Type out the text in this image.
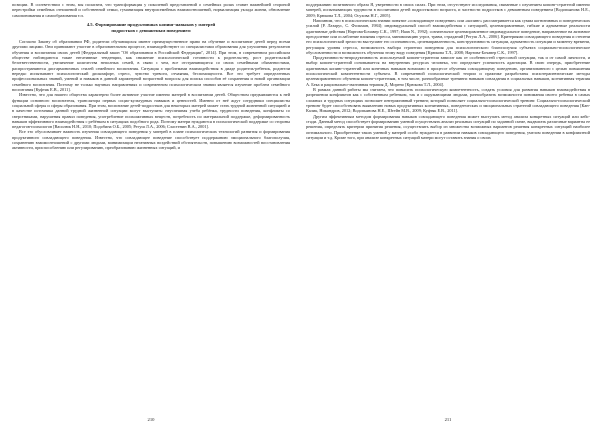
позиции. В соответствии с этим, мы полагаем, что трансформация у поколений представлений о семейных ролях ставит важнейшей стороной перестройки семейных отношений и собственной семьи, гуманизация внутрисемейных взаимоотношений, нормализация уклада жизни, обновление самопонимания и самообразования т.п.

4.5. Формирование продуктивных копинг-навыков у матерей
подростков с девиантным поведением

Согласно Закону об образовании РФ, родители обучающихся имеют преимущественное право на обучение и воспитание детей перед всеми другими лицами. Они принимают участие в образовательном процессе, взаимодействуют со специалистами образования для улучшения результатов обучения и воспитания своих детей [Федеральный закон "Об образовании в Российской Федерации", 2014]. При этом, в современном российском обществе наблюдаются такие негативные тенденции, как снижение психологической готовности к родительству, рост родительской безответственности, увеличение количества неполных семей, в связи с чем, все отстраняющиеся со своих семейными обязанностями, распространяются дисгармоничных стилей семейного воспитания. Ситуация с проблемами взаимодействия в диаде родитель-ребенок, родители нередко испытывают психологический дискомфорт, стресс, чувство тревоги, отчаяния, беспомощности. Все это требует определенных профессиональных знаний, умений и навыков в данной характерной возрастной вопросы для поиска способов её сохранения и новой организации семейного воспитания. Поэтому не только научных направлениях и современном психологическом знании является изучение проблем семейного воспитания [Куфтяк Е.В., 2011].

Известно, что для нашего общества характерно более активное участие именно матерей в воспитании детей. Обществом предъявляются к ней функции основного воспитателя, транслятора первых социо-культурных навыков и ценностей. Именно от неё ждут сотрудники специалисты социальной сферы и сферы образования. При этом, воспитание детей-подростков для некоторых матерей может стать трудной жизненной ситуацией и в качестве источника данной трудной жизненной ситуации могут выступить: неуспешная учеба ребёнка, трудности поведения, конфликты со сверстниками, нарушения правил поведения, употребление психоактивных веществ, потребность по материальной поддержке, деформированность навыков эффективного взаимодействия с ребёнком в ситуациях подобного рода. Поэтому матери нуждаются в психологической поддержке со стороны педагогов-психологов [Василюк Н.Н., 2010; Подобина О.Б., 2005; Регуш Л.А., 2006; Сластенин В.А., 2001].

Все это обусловливает важность изучения совладающего поведения у матерей в плане психологических технологий развития и формирования продуктивного совладающего поведения. Известно, что совладающее поведение способствует поддержанию эмоционального благополучия, сохранению взаимоотношений с другими людьми, минимизации негативных воздействий обстоятельств, повышению возможностей восстановления активности, приспособлению или регулированию, преобразованию жизненных ситуаций, и

210

поддержанию позитивного образа Я, уверенности в своих силах. При этом, отсутствуют исследования, связанные с изучением копинг-стратегий именно матерей, испытывающих трудности в воспитании детей подросткового возраста, и частности подростков с девиантным поведением [Водопьянова Н.Е., 2009; Крюкова Т.Л., 2004; Осухова Н.Г., 2005].

Напомним, что в психологическом знании понятие «совладающее поведение» или «копинг» рассматривается как сумма когнитивных и поведенческих усилий [Р. Лазарус, С. Фолкман, 1984]; индивидуальный способ взаимодействия с ситуацией, целенаправленные, гибкие и адекватные реальности адаптивные действия [Нартова-Бочавер С.К., 1997; Haan N., 1992]; сознательное целенаправленное индивидуальное поведение, направленное на активное преодоление или ослабление влияния стресса, минимизацию угроз, травм, страданий [Регуш Л.А., 2006]. Критериями совладающего поведения и степени его психологической зрелости выступают его осознанность, целенаправленность, конструктивность ситуации, адекватность ситуации и моменту времени, регуляция уровня стресса, возможность выбора стратегии поведения для психологического благополучия субъекта социально-психологическое обусловленности и возможность обучения этому виду поведения [Крюкова Т.Л., 2008; Нартова-Бочавер С.К., 1997].

Продуктивность-непродуктивность используемой копинг-стратегии зависит как от особенностей стрессовой ситуации, так и от самой личности, и выбор копинг-стратегий основывается на внутренних ресурсах человека, что определяет успешность адаптации. В свою очередь, приобретение адаптивных копинг-стратегий или конечных навыков возможно в процессе обучения совладающему поведению, организованного с целью повышения психологической компетентности субъекта. В современной психологической теории и практике разработаны психотерапевтические методы целенаправленного обучения копинг-стратегиям, в том числе, разнообразные тренинги навыков совладания в социальных навыков, когнитивная терапия А. Бека и рационально-эмотивная терапия Д. Морено [Крюкова Т.Л., 2004].

В рамках данной работы мы считаем, что повысить психологическую компетентность, создать условия для развития навыков взаимодействия в разрешении конфликтов как с собственным ребенком, так и с окружающими людьми, разнообразить возможности понимания своего ребенка в самых сложных и трудных ситуациях позволяет интерактивный тренинг, который позволяет социально-психологической тренинг. Социально-психологический тренинг будет способствовать выявлению новых продуктивных когнитивных, поведенческих и эмоциональных стратегий совладающего поведения [Кан-Калик, Никандров, 2012; Водопьянова Н.Е., Штейн М.В., 2009; Куфтяк Е.В., 2011].

Другим эффективным методом формирования навыков совладающего поведения может выступать метод анализа конкретных ситуаций или кейс-стади. Данный метод способствует формированию умений осуществлять анализ реальных ситуаций по заданной схеме, выдвигать различные варианты ее решения, определять критерии принятия решения, осуществлять выбор из множества возможных вариантов решения конкретных ситуаций наиболее оптимального. Приобретение таких умений у матерей особо нуждается в развитии навыков совладающего поведения, умелом поведении в конфликтной ситуации и т.д. Кроме того, при анализе конкретных ситуаций матери могут оставить знания о своих

211
